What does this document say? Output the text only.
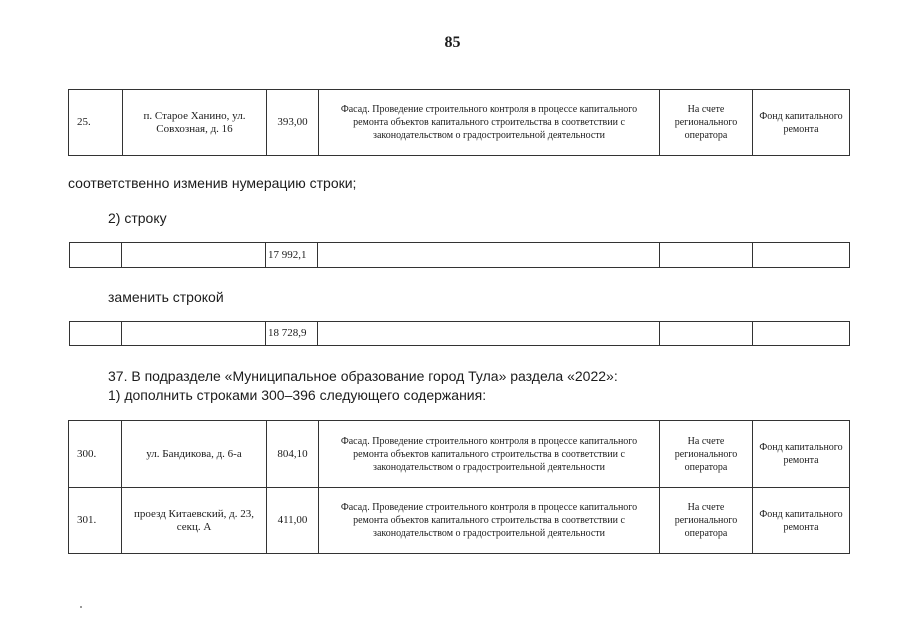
85
25.	п. Старое Ханино, ул. Совхозная, д. 16	393,00	Фасад. Проведение строительного контроля в процессе капитального ремонта объектов капитального строительства в соответствии с законодательством о градостроительной деятельности	На счете регионального оператора	Фонд капитального ремонта
соответственно изменив нумерацию строки;
2) строку
		17 992,1			
заменить строкой
		18 728,9			
37. В подразделе «Муниципальное образование город Тула» раздела «2022»:
1) дополнить строками 300–396 следующего содержания:
300.	ул. Бандикова, д. 6-а	804,10	Фасад. Проведение строительного контроля в процессе капитального ремонта объектов капитального строительства в соответствии с законодательством о градостроительной деятельности	На счете регионального оператора	Фонд капитального ремонта
301.	проезд Китаевский, д. 23, секц. А	411,00	Фасад. Проведение строительного контроля в процессе капитального ремонта объектов капитального строительства в соответствии с законодательством о градостроительной деятельности	На счете регионального оператора	Фонд капитального ремонта
